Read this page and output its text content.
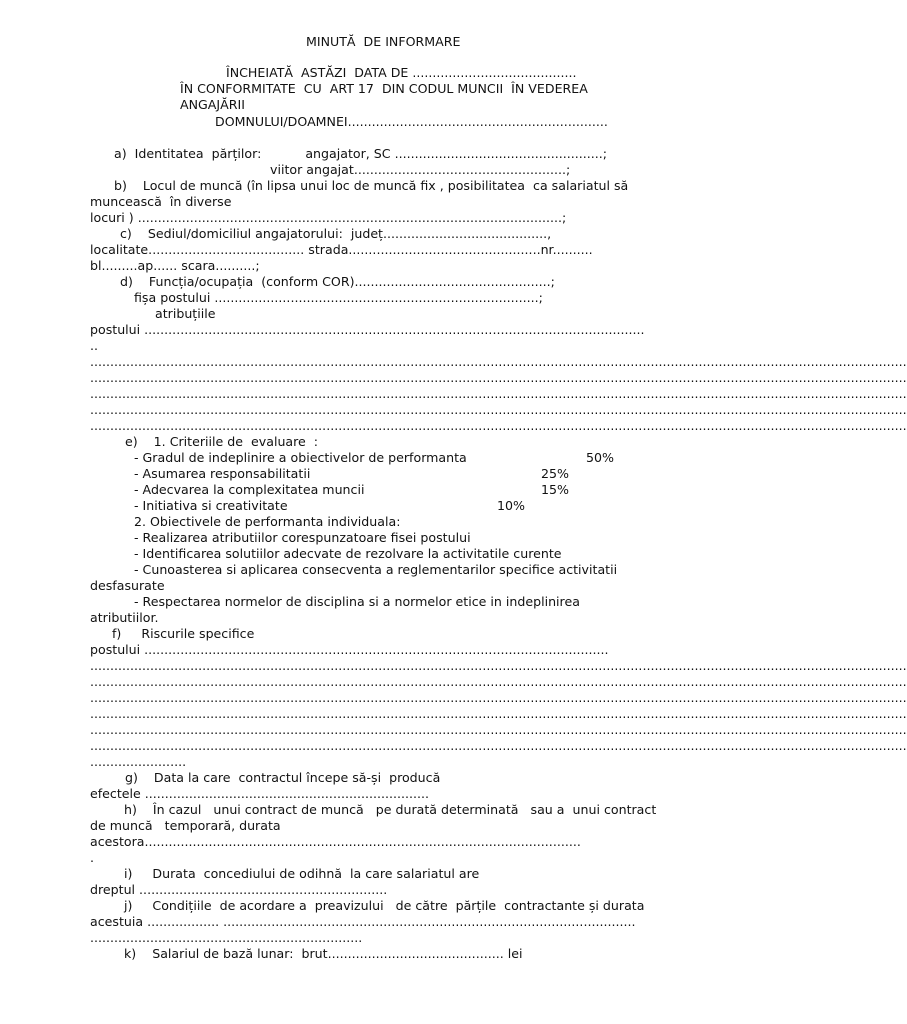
MINUTĂ  DE INFORMARE
ÎNCHEIATĂ  ASTĂZI  DATA DE .........................................
ÎN CONFORMITATE  CU  ART 17  DIN CODUL MUNCII  ÎN VEDEREA
ANGAJĂRII
DOMNULUI/DOAMNEI.................................................................
a)  Identitatea  părților:           angajator, SC ....................................................;
viitor angajat.....................................................;
b)    Locul de muncă (în lipsa unui loc de muncă fix , posibilitatea  ca salariatul să
muncească  în diverse
locuri ) ..........................................................................................................;
c)    Sediul/domiciliul angajatorului:  județ.........................................,
localitate....................................... strada................................................nr..........
bl.........ap...... scara..........;
d)    Funcția/ocupația  (conform COR).................................................;
fișa postului .................................................................................;
atribuțiile
postului .............................................................................................................................
..
............................................................................................................................................................................................................
............................................................................................................................................................................................................
............................................................................................................................................................................................................
............................................................................................................................................................................................................
............................................................................................................................................................................................................
e)    1. Criteriile de  evaluare  :
- Gradul de indeplinire a obiectivelor de performanta	50%
- Asumarea responsabilitatii	25%
- Adecvarea la complexitatea muncii	15%
- Initiativa si creativitate	10%
2. Obiectivele de performanta individuala:
- Realizarea atributiilor corespunzatoare fisei postului
- Identificarea solutiilor adecvate de rezolvare la activitatile curente
- Cunoasterea si aplicarea consecventa a reglementarilor specifice activitatii
desfasurate
- Respectarea normelor de disciplina si a normelor etice in indeplinirea
atributiilor.
f)     Riscurile specifice
postului ....................................................................................................................
............................................................................................................................................................................................................
............................................................................................................................................................................................................
............................................................................................................................................................................................................
............................................................................................................................................................................................................
............................................................................................................................................................................................................
............................................................................................................................................................................................................
........................
g)    Data la care  contractul începe să-și  producă
efectele .......................................................................
h)    În cazul   unui contract de muncă   pe durată determinată   sau a  unui contract
de muncă   temporară, durata
acestora.............................................................................................................
.
i)     Durata  concediului de odihnă  la care salariatul are
dreptul ..............................................................
j)     Condițiile  de acordare a  preavizului   de către  părțile  contractante și durata
acestuia .................. .......................................................................................................
....................................................................
k)    Salariul de bază lunar:  brut............................................ lei
